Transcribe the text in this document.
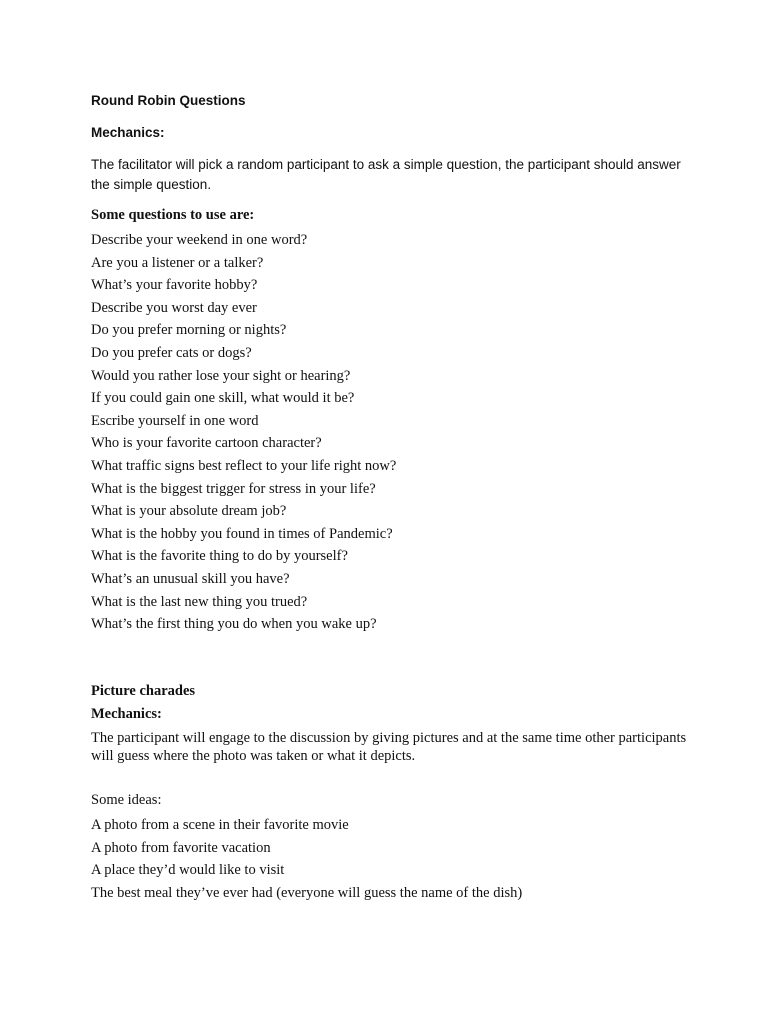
Round Robin Questions
Mechanics:
The facilitator will pick a random participant to ask a simple question, the participant should answer the simple question.
Some questions to use are:
Describe your weekend in one word?
Are you a listener or a talker?
What’s your favorite hobby?
Describe you worst day ever
Do you prefer morning or nights?
Do you prefer cats or dogs?
Would you rather lose your sight or hearing?
If you could gain one skill, what would it be?
Escribe yourself in one word
Who is your favorite cartoon character?
What traffic signs best reflect to your life right now?
What is the biggest trigger for stress in your life?
What is your absolute dream job?
What is the hobby you found in times of Pandemic?
What is the favorite thing to do by yourself?
What’s an unusual skill you have?
What is the last new thing you trued?
What’s the first thing you do when you wake up?
Picture charades
Mechanics:
The participant will engage to the discussion by giving pictures and at the same time other participants will guess where the photo was taken or what it depicts.
Some ideas:
A photo from a scene in their favorite movie
A photo from favorite vacation
A place they’d would like to visit
The best meal they’ve ever had (everyone will guess the name of the dish)
